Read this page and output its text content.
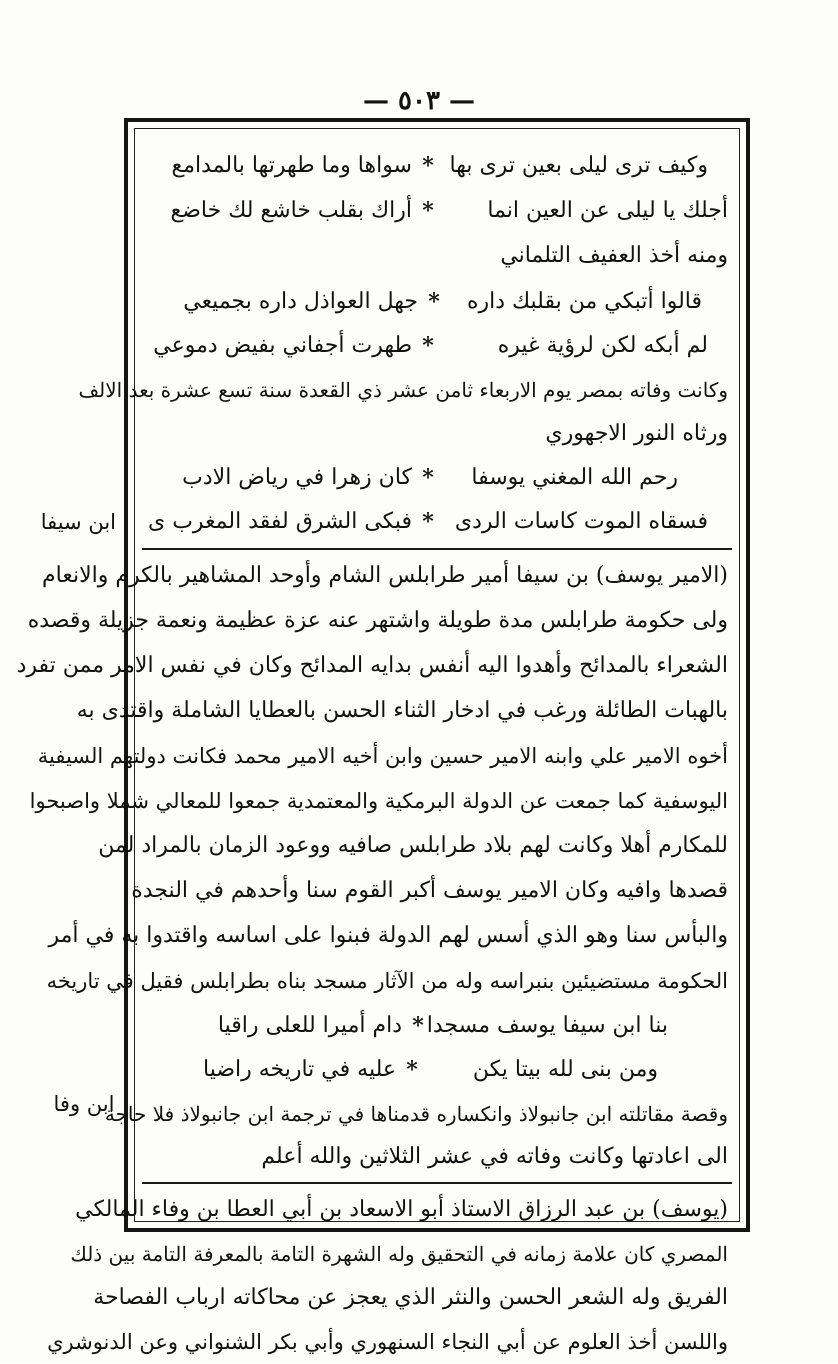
— ٥٠٣ —
ابن سيفا
ابن وفا
وكيف ترى ليلى بعين ترى بها*سواها وما طهرتها بالمدامع
أجلك يا ليلى عن العين انما*أراك بقلب خاشع لك خاضع
ومنه أخذ العفيف التلماني
قالوا أتبكي من بقلبك داره*جهل العواذل داره بجميعي
لم أبكه لكن لرؤية غيره*طهرت أجفاني بفيض دموعي
وكانت وفاته بمصر يوم الاربعاء ثامن عشر ذي القعدة سنة تسع عشرة بعد الالف
ورثاه النور الاجهوري
رحم الله المغني يوسفا*كان زهرا في رياض الادب
فسقاه الموت كاسات الردى*فبكى الشرق لفقد المغرب ى
(الامير يوسف) بن سيفا أمير طرابلس الشام وأوحد المشاهير بالكرم والانعام
ولى حكومة طرابلس مدة طويلة واشتهر عنه عزة عظيمة ونعمة جزيلة وقصده
الشعراء بالمدائح وأهدوا اليه أنفس بدايه المدائح وكان في نفس الامر ممن تفرد
بالهبات الطائلة ورغب في ادخار الثناء الحسن بالعطايا الشاملة واقتدى به
أخوه الامير علي وابنه الامير حسين وابن أخيه الامير محمد فكانت دولتهم السيفية
اليوسفية كما جمعت عن الدولة البرمكية والمعتمدية جمعوا للمعالي شملا واصبحوا
للمكارم أهلا وكانت لهم بلاد طرابلس صافيه ووعود الزمان بالمراد لمن
قصدها وافيه وكان الامير يوسف أكبر القوم سنا وأحدهم في النجدة
والبأس سنا وهو الذي أسس لهم الدولة فبنوا على اساسه واقتدوا به في أمر
الحكومة مستضيئين بنبراسه وله من الآثار مسجد بناه بطرابلس فقيل في تاريخه
بنا ابن سيفا يوسف مسجدا*دام أميرا للعلى راقيا
ومن بنى لله بيتا يكن*عليه في تاريخه راضيا
وقصة مقاتلته ابن جانبولاذ وانكساره قدمناها في ترجمة ابن جانبولاذ فلا حاجة
الى اعادتها وكانت وفاته في عشر الثلاثين والله أعلم
(يوسف) بن عبد الرزاق الاستاذ أبو الاسعاد بن أبي العطا بن وفاء المالكي
المصري كان علامة زمانه في التحقيق وله الشهرة التامة بالمعرفة التامة بين ذلك
الفريق وله الشعر الحسن والنثر الذي يعجز عن محاكاته ارباب الفصاحة
واللسن أخذ العلوم عن أبي النجاء السنهوري وأبي بكر الشنواني وعن الدنوشري
